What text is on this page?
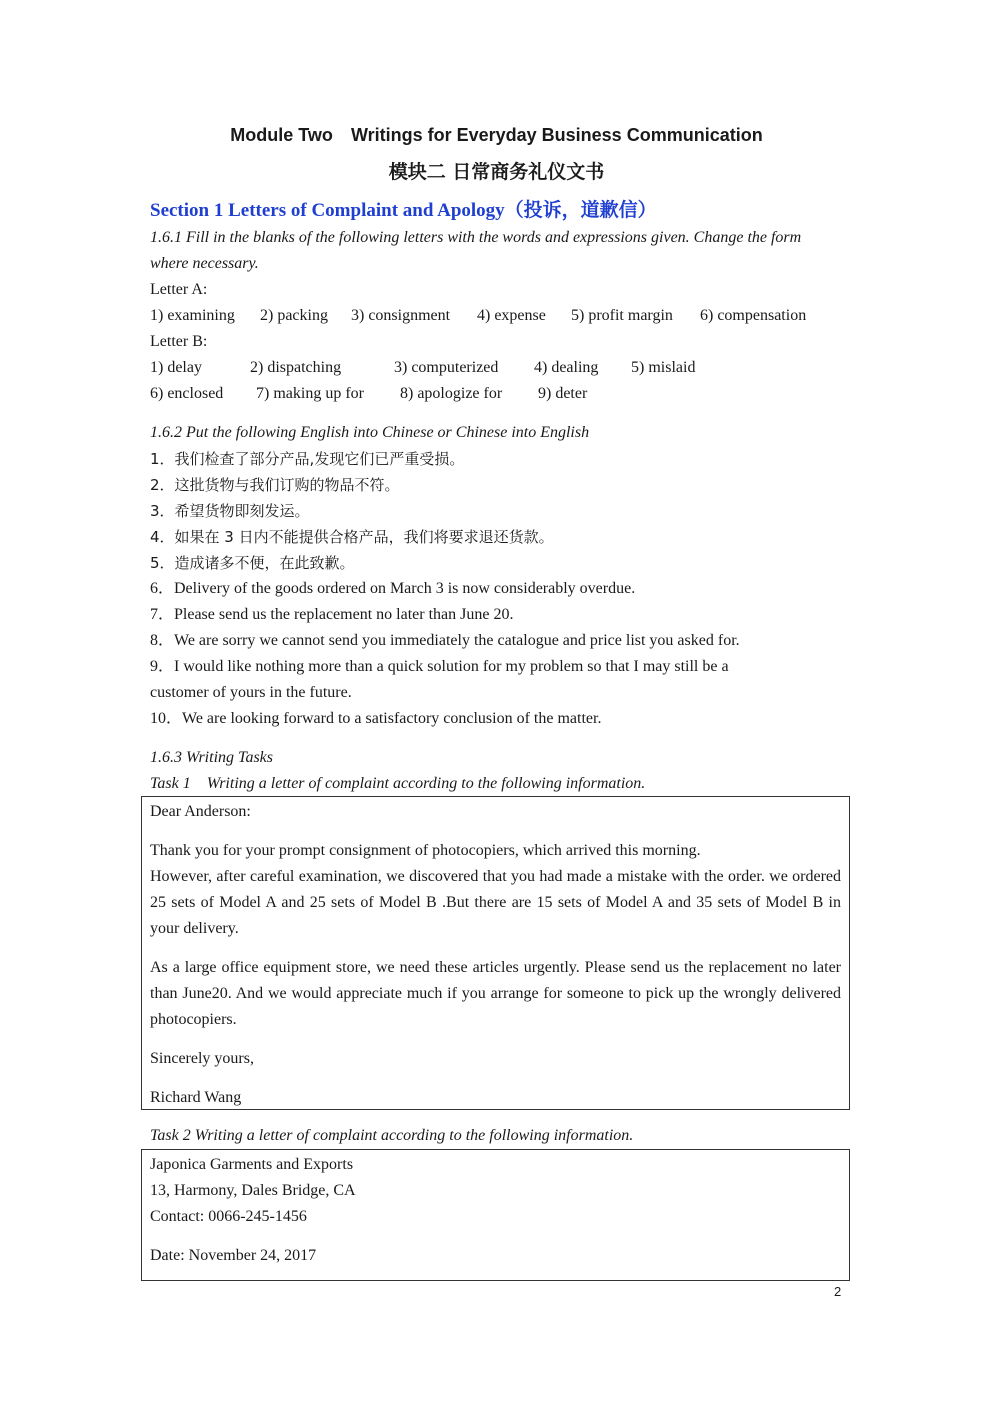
Module Two Writings for Everyday Business Communication
模块二 日常商务礼仪文书

Section 1 Letters of Complaint and Apology（投诉，道歉信）

1.6.1 Fill in the blanks of the following letters with the words and expressions given. Change the form where necessary.

Letter A:

1) examining 2) packing 3) consignment 4) expense 5) profit margin 6) compensation

Letter B:

1) delay	2) dispatching	3) computerized 4) dealing 5) mislaid

6) enclosed 7) making up for 8) apologize for 9) deter

1.6.2 Put the following English into Chinese or Chinese into English

1．我们检查了部分产品,发现它们已严重受损。

2．这批货物与我们订购的物品不符。

3．希望货物即刻发运。

4．如果在 3 日内不能提供合格产品，我们将要求退还货款。

5．造成诸多不便，在此致歉。

6．Delivery of the goods ordered on March 3 is now considerably overdue.

7．Please send us the replacement no later than June 20.

8．We are sorry we cannot send you immediately the catalogue and price list you asked for.

9．I would like nothing more than a quick solution for my problem so that I may still be a

customer of yours in the future.

10．We are looking forward to a satisfactory conclusion of the matter.

1.6.3 Writing Tasks

Task 1    Writing a letter of complaint according to the following information.

Dear Anderson:

Thank you for your prompt consignment of photocopiers, which arrived this morning.

However, after careful examination, we discovered that you had made a mistake with the order. we ordered 25 sets of Model A and 25 sets of Model B .But there are 15 sets of Model A and 35 sets of Model B in your delivery.

As a large office equipment store, we need these articles urgently. Please send us the replacement no later than June20. And we would appreciate much if you arrange for someone to pick up the wrongly delivered photocopiers.

Sincerely yours,

Richard Wang

Task 2 Writing a letter of complaint according to the following information.

Japonica Garments and Exports

13, Harmony, Dales Bridge, CA

Contact: 0066-245-1456

Date: November 24, 2017

2
